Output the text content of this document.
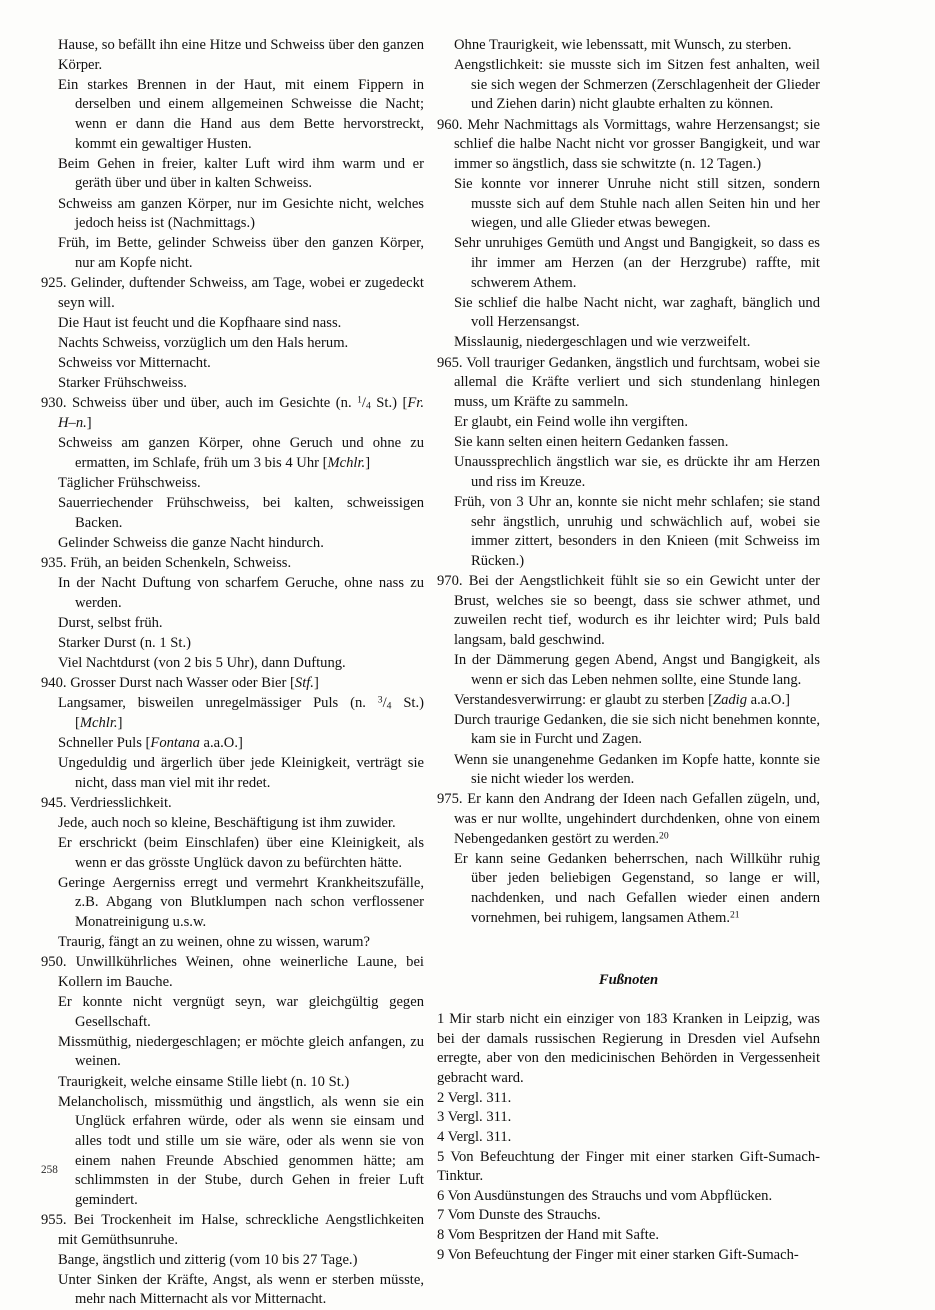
Hause, so befällt ihn eine Hitze und Schweiss über den ganzen Körper.

Ein starkes Brennen in der Haut, mit einem Fippern in derselben und einem allgemeinen Schweisse die Nacht; wenn er dann die Hand aus dem Bette hervorstreckt, kommt ein gewaltiger Husten.

Beim Gehen in freier, kalter Luft wird ihm warm und er geräth über und über in kalten Schweiss.

Schweiss am ganzen Körper, nur im Gesichte nicht, welches jedoch heiss ist (Nachmittags.)

Früh, im Bette, gelinder Schweiss über den ganzen Körper, nur am Kopfe nicht.

925. Gelinder, duftender Schweiss, am Tage, wobei er zugedeckt seyn will.

Die Haut ist feucht und die Kopfhaare sind nass.

Nachts Schweiss, vorzüglich um den Hals herum.

Schweiss vor Mitternacht.

Starker Frühschweiss.

930. Schweiss über und über, auch im Gesichte (n. $^1/_4$ St.) [Fr. H–n.]

Schweiss am ganzen Körper, ohne Geruch und ohne zu ermatten, im Schlafe, früh um 3 bis 4 Uhr [Mchlr.]

Täglicher Frühschweiss.

Sauerriechender Frühschweiss, bei kalten, schweissigen Backen.

Gelinder Schweiss die ganze Nacht hindurch.

935. Früh, an beiden Schenkeln, Schweiss.

In der Nacht Duftung von scharfem Geruche, ohne nass zu werden.

Durst, selbst früh.

Starker Durst (n. 1 St.)

Viel Nachtdurst (von 2 bis 5 Uhr), dann Duftung.

940. Grosser Durst nach Wasser oder Bier [Stf.]

Langsamer, bisweilen unregelmässiger Puls (n. $^3/_4$ St.) [Mchlr.]

Schneller Puls [Fontana a.a.O.]

Ungeduldig und ärgerlich über jede Kleinigkeit, verträgt sie nicht, dass man viel mit ihr redet.

945. Verdriesslichkeit.

Jede, auch noch so kleine, Beschäftigung ist ihm zuwider.

Er erschrickt (beim Einschlafen) über eine Kleinigkeit, als wenn er das grösste Unglück davon zu befürchten hätte.

Geringe Aergerniss erregt und vermehrt Krankheitszufälle, z.B. Abgang von Blutklumpen nach schon verflossener Monatreinigung u.s.w.

Traurig, fängt an zu weinen, ohne zu wissen, warum?

950. Unwillkührliches Weinen, ohne weinerliche Laune, bei Kollern im Bauche.

Er konnte nicht vergnügt seyn, war gleichgültig gegen Gesellschaft.

Missmüthig, niedergeschlagen; er möchte gleich anfangen, zu weinen.

Traurigkeit, welche einsame Stille liebt (n. 10 St.)

Melancholisch, missmüthig und ängstlich, als wenn sie ein Unglück erfahren würde, oder als wenn sie einsam und alles todt und stille um sie wäre, oder als wenn sie von einem nahen Freunde Abschied genommen hätte; am schlimmsten in der Stube, durch Gehen in freier Luft gemindert.

955. Bei Trockenheit im Halse, schreckliche Aengstlichkeiten mit Gemüthsunruhe.

Bange, ängstlich und zitterig (vom 10 bis 27 Tage.)

Unter Sinken der Kräfte, Angst, als wenn er sterben müsste, mehr nach Mitternacht als vor Mitternacht.

Ohne Traurigkeit, wie lebenssatt, mit Wunsch, zu sterben.

Aengstlichkeit: sie musste sich im Sitzen fest anhalten, weil sie sich wegen der Schmerzen (Zerschlagenheit der Glieder und Ziehen darin) nicht glaubte erhalten zu können.

960. Mehr Nachmittags als Vormittags, wahre Herzensangst; sie schlief die halbe Nacht nicht vor grosser Bangigkeit, und war immer so ängstlich, dass sie schwitzte (n. 12 Tagen.)

Sie konnte vor innerer Unruhe nicht still sitzen, sondern musste sich auf dem Stuhle nach allen Seiten hin und her wiegen, und alle Glieder etwas bewegen.

Sehr unruhiges Gemüth und Angst und Bangigkeit, so dass es ihr immer am Herzen (an der Herzgrube) raffte, mit schwerem Athem.

Sie schlief die halbe Nacht nicht, war zaghaft, bänglich und voll Herzensangst.

Misslaunig, niedergeschlagen und wie verzweifelt.

965. Voll trauriger Gedanken, ängstlich und furchtsam, wobei sie allemal die Kräfte verliert und sich stundenlang hinlegen muss, um Kräfte zu sammeln.

Er glaubt, ein Feind wolle ihn vergiften.

Sie kann selten einen heitern Gedanken fassen.

Unaussprechlich ängstlich war sie, es drückte ihr am Herzen und riss im Kreuze.

Früh, von 3 Uhr an, konnte sie nicht mehr schlafen; sie stand sehr ängstlich, unruhig und schwächlich auf, wobei sie immer zittert, besonders in den Knieen (mit Schweiss im Rücken.)

970. Bei der Aengstlichkeit fühlt sie so ein Gewicht unter der Brust, welches sie so beengt, dass sie schwer athmet, und zuweilen recht tief, wodurch es ihr leichter wird; Puls bald langsam, bald geschwind.

In der Dämmerung gegen Abend, Angst und Bangigkeit, als wenn er sich das Leben nehmen sollte, eine Stunde lang.

Verstandesverwirrung: er glaubt zu sterben [Zadig a.a.O.]

Durch traurige Gedanken, die sie sich nicht benehmen konnte, kam sie in Furcht und Zagen.

Wenn sie unangenehme Gedanken im Kopfe hatte, konnte sie sie nicht wieder los werden.

975. Er kann den Andrang der Ideen nach Gefallen zügeln, und, was er nur wollte, ungehindert durchdenken, ohne von einem Nebengedanken gestört zu werden.$^{20}$

Er kann seine Gedanken beherrschen, nach Willkühr ruhig über jeden beliebigen Gegenstand, so lange er will, nachdenken, und nach Gefallen wieder einen andern vornehmen, bei ruhigem, langsamen Athem.$^{21}$

Fußnoten

1 Mir starb nicht ein einziger von 183 Kranken in Leipzig, was bei der damals russischen Regierung in Dresden viel Aufsehn erregte, aber von den medicinischen Behörden in Vergessenheit gebracht ward.

2 Vergl. 311.

3 Vergl. 311.

4 Vergl. 311.

5 Von Befeuchtung der Finger mit einer starken Gift-Sumach-Tinktur.

6 Von Ausdünstungen des Strauchs und vom Abpflücken.

7 Vom Dunste des Strauchs.

8 Vom Bespritzen der Hand mit Safte.

9 Von Befeuchtung der Finger mit einer starken Gift-Sumach-

258
